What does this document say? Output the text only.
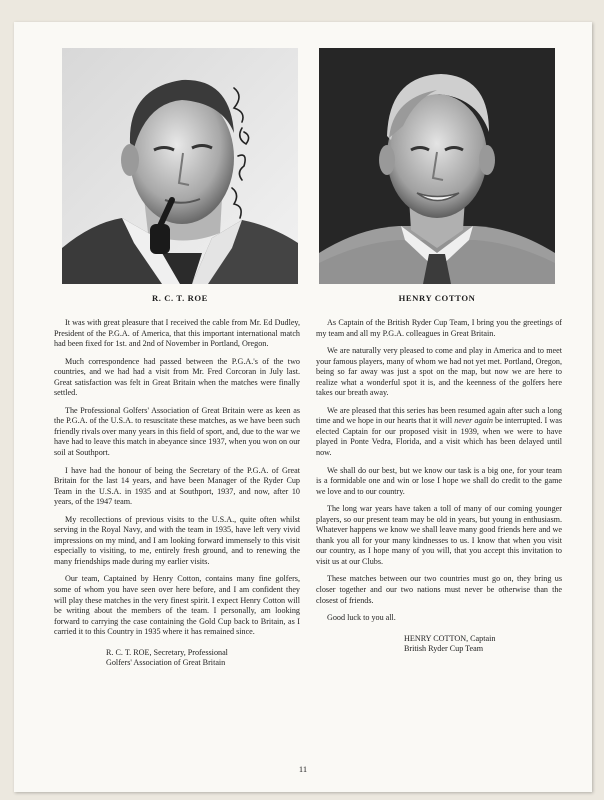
R. C. T. ROE	HENRY COTTON

It was with great pleasure that I received the cable from Mr. Ed Dudley, President of the P.G.A. of America, that this important international match had been fixed for 1st. and 2nd of November in Portland, Oregon.

Much correspondence had passed between the P.G.A.'s of the two countries, and we had had a visit from Mr. Fred Corcoran in July last. Great satisfaction was felt in Great Britain when the matches were finally settled.

The Professional Golfers' Association of Great Britain were as keen as the P.G.A. of the U.S.A. to resuscitate these matches, as we have been such friendly rivals over many years in this field of sport, and, due to the war we have had to leave this match in abeyance since 1937, when you won on our soil at Southport.

I have had the honour of being the Secretary of the P.G.A. of Great Britain for the last 14 years, and have been Manager of the Ryder Cup Team in the U.S.A. in 1935 and at Southport, 1937, and now, after 10 years, of the 1947 team.

My recollections of previous visits to the U.S.A., quite often whilst serving in the Royal Navy, and with the team in 1935, have left very vivid impressions on my mind, and I am looking forward immensely to this visit especially to visiting, to me, entirely fresh ground, and to renewing the many friendships made during my earlier visits.

Our team, Captained by Henry Cotton, contains many fine golfers, some of whom you have seen over here before, and I am confident they will play these matches in the very finest spirit. I expect Henry Cotton will be writing about the members of the team. I personally, am looking forward to carrying the case containing the Gold Cup back to Britain, as I carried it to this Country in 1935 where it has remained since.

R. C. T. ROE, Secretary, Professional
Golfers' Association of Great Britain

As Captain of the British Ryder Cup Team, I bring you the greetings of my team and all my P.G.A. colleagues in Great Britain.

We are naturally very pleased to come and play in America and to meet your famous players, many of whom we had not yet met. Portland, Oregon, being so far away was just a spot on the map, but now we are here to realize what a wonderful spot it is, and the keenness of the golfers here takes our breath away.

We are pleased that this series has been resumed again after such a long time and we hope in our hearts that it will never again be interrupted. I was elected Captain for our proposed visit in 1939, when we were to have played in Ponte Vedra, Florida, and a visit which has been delayed until now.

We shall do our best, but we know our task is a big one, for your team is a formidable one and win or lose I hope we shall do credit to the game we love and to our country.

The long war years have taken a toll of many of our coming younger players, so our present team may be old in years, but young in enthusiasm. Whatever happens we know we shall leave many good friends here and we thank you all for your many kindnesses to us. I know that when you visit our country, as I hope many of you will, that you accept this invitation to visit us at our Clubs.

These matches between our two countries must go on, they bring us closer together and our two nations must never be otherwise than the closest of friends.

Good luck to you all.

HENRY COTTON, Captain
British Ryder Cup Team

11
